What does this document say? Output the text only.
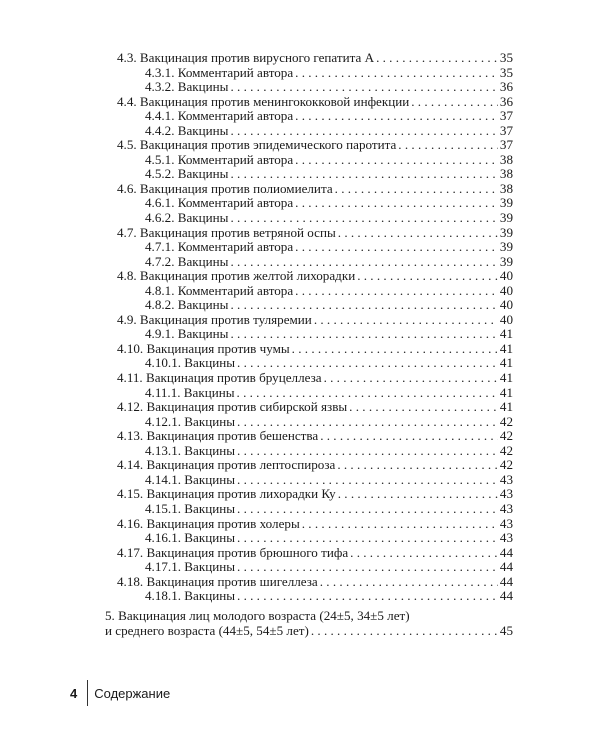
4.3. Вакцинация против вирусного гепатита А . . .	35
4.3.1. Комментарий автора . . .	35
4.3.2. Вакцины . . .	36
4.4. Вакцинация против менингококковой инфекции . . .	36
4.4.1. Комментарий автора . . .	37
4.4.2. Вакцины . . .	37
4.5. Вакцинация против эпидемического паротита . . .	37
4.5.1. Комментарий автора . . .	38
4.5.2. Вакцины . . .	38
4.6. Вакцинация против полиомиелита . . .	38
4.6.1. Комментарий автора . . .	39
4.6.2. Вакцины . . .	39
4.7. Вакцинация против ветряной оспы . . .	39
4.7.1. Комментарий автора . . .	39
4.7.2. Вакцины . . .	39
4.8. Вакцинация против желтой лихорадки . . .	40
4.8.1. Комментарий автора . . .	40
4.8.2. Вакцины . . .	40
4.9. Вакцинация против туляремии . . .	40
4.9.1. Вакцины . . .	41
4.10. Вакцинация против чумы . . .	41
4.10.1. Вакцины . . .	41
4.11. Вакцинация против бруцеллеза . . .	41
4.11.1. Вакцины . . .	41
4.12. Вакцинация против сибирской язвы . . .	41
4.12.1. Вакцины . . .	42
4.13. Вакцинация против бешенства . . .	42
4.13.1. Вакцины . . .	42
4.14. Вакцинация против лептоспироза . . .	42
4.14.1. Вакцины . . .	43
4.15. Вакцинация против лихорадки Ку . . .	43
4.15.1. Вакцины . . .	43
4.16. Вакцинация против холеры . . .	43
4.16.1. Вакцины . . .	43
4.17. Вакцинация против брюшного тифа . . .	44
4.17.1. Вакцины . . .	44
4.18. Вакцинация против шигеллеза . . .	44
4.18.1. Вакцины . . .	44
5. Вакцинация лиц молодого возраста (24±5, 34±5 лет)
и среднего возраста (44±5, 54±5 лет) . . .	45
4 Содержание
